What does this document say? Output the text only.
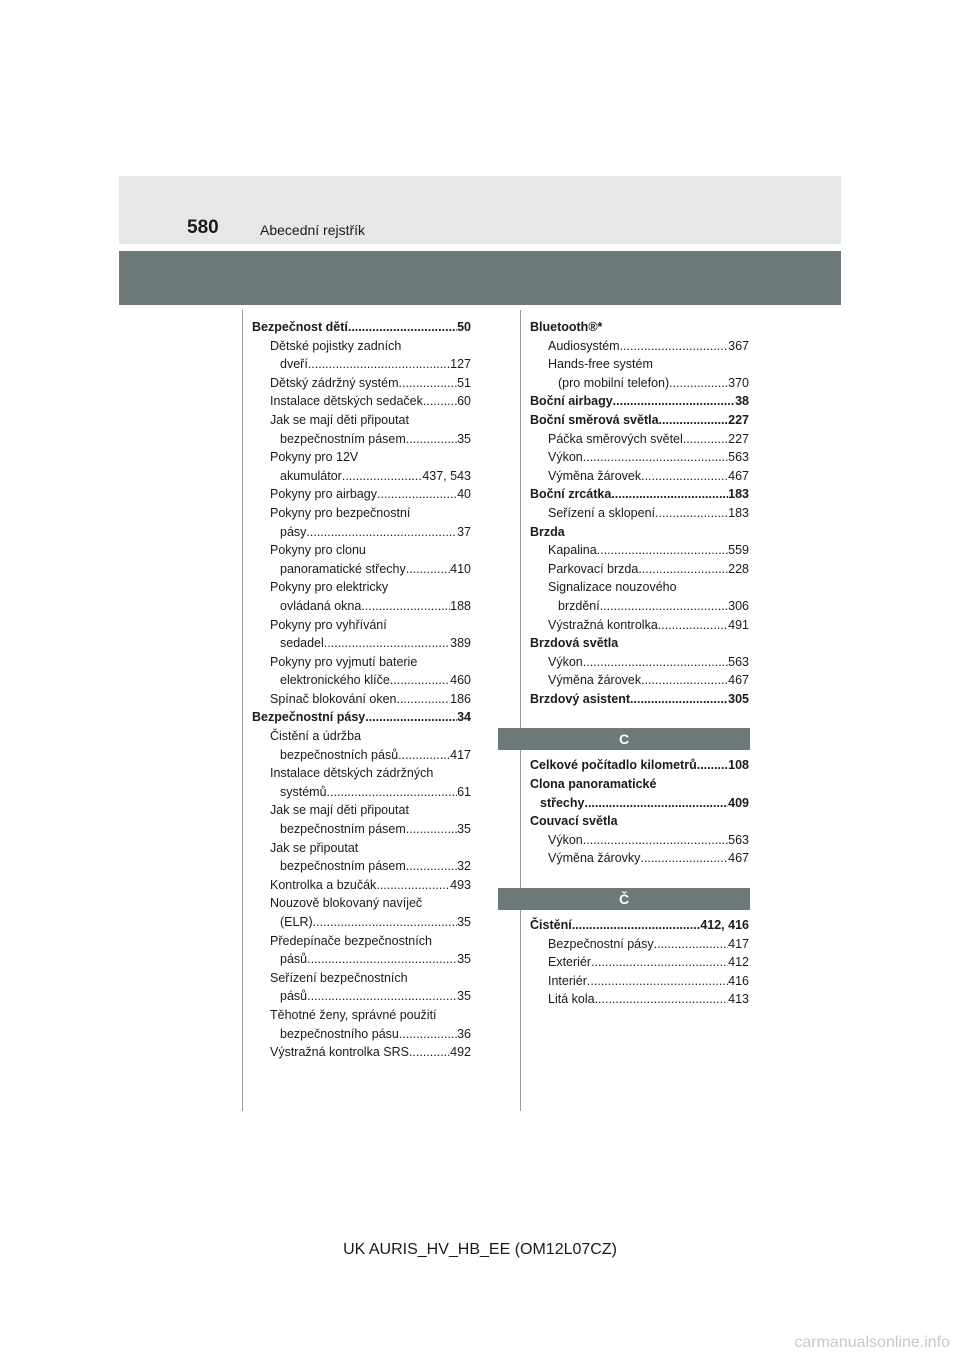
580	Abecední rejstřík
Bezpečnost dětí .....	50
Dětské pojistky zadních
dveří .....	127
Dětský zádržný systém .....	51
Instalace dětských sedaček .....	60
Jak se mají děti připoutat
bezpečnostním pásem .....	35
Pokyny pro 12V
akumulátor .....	437, 543
Pokyny pro airbagy .....	40
Pokyny pro bezpečnostní
pásy .....	37
Pokyny pro clonu
panoramatické střechy .....	410
Pokyny pro elektricky
ovládaná okna .....	188
Pokyny pro vyhřívání
sedadel .....	389
Pokyny pro vyjmutí baterie
elektronického klíče .....	460
Spínač blokování oken .....	186
Bezpečnostní pásy .....	34
Čistění a údržba
bezpečnostních pásů .....	417
Instalace dětských zádržných
systémů .....	61
Jak se mají děti připoutat
bezpečnostním pásem .....	35
Jak se připoutat
bezpečnostním pásem .....	32
Kontrolka a bzučák .....	493
Nouzově blokovaný navíječ
(ELR) .....	35
Předepínače bezpečnostních
pásů .....	35
Seřízení bezpečnostních
pásů .....	35
Těhotné ženy, správné použití
bezpečnostního pásu .....	36
Výstražná kontrolka SRS .....	492
Bluetooth®*
Audiosystém .....	367
Hands-free systém
(pro mobilní telefon) .....	370
Boční airbagy .....	38
Boční směrová světla .....	227
Páčka směrových světel .....	227
Výkon .....	563
Výměna žárovek .....	467
Boční zrcátka .....	183
Seřízení a sklopení .....	183
Brzda
Kapalina .....	559
Parkovací brzda .....	228
Signalizace nouzového
brzdění .....	306
Výstražná kontrolka .....	491
Brzdová světla
Výkon .....	563
Výměna žárovek .....	467
Brzdový asistent .....	305
C
Celkové počítadlo kilometrů .....	108
Clona panoramatické
střechy .....	409
Couvací světla
Výkon .....	563
Výměna žárovky .....	467
Č
Čistění .....	412, 416
Bezpečnostní pásy .....	417
Exteriér .....	412
Interiér .....	416
Litá kola .....	413
UK AURIS_HV_HB_EE (OM12L07CZ)
carmanualsonline.info
